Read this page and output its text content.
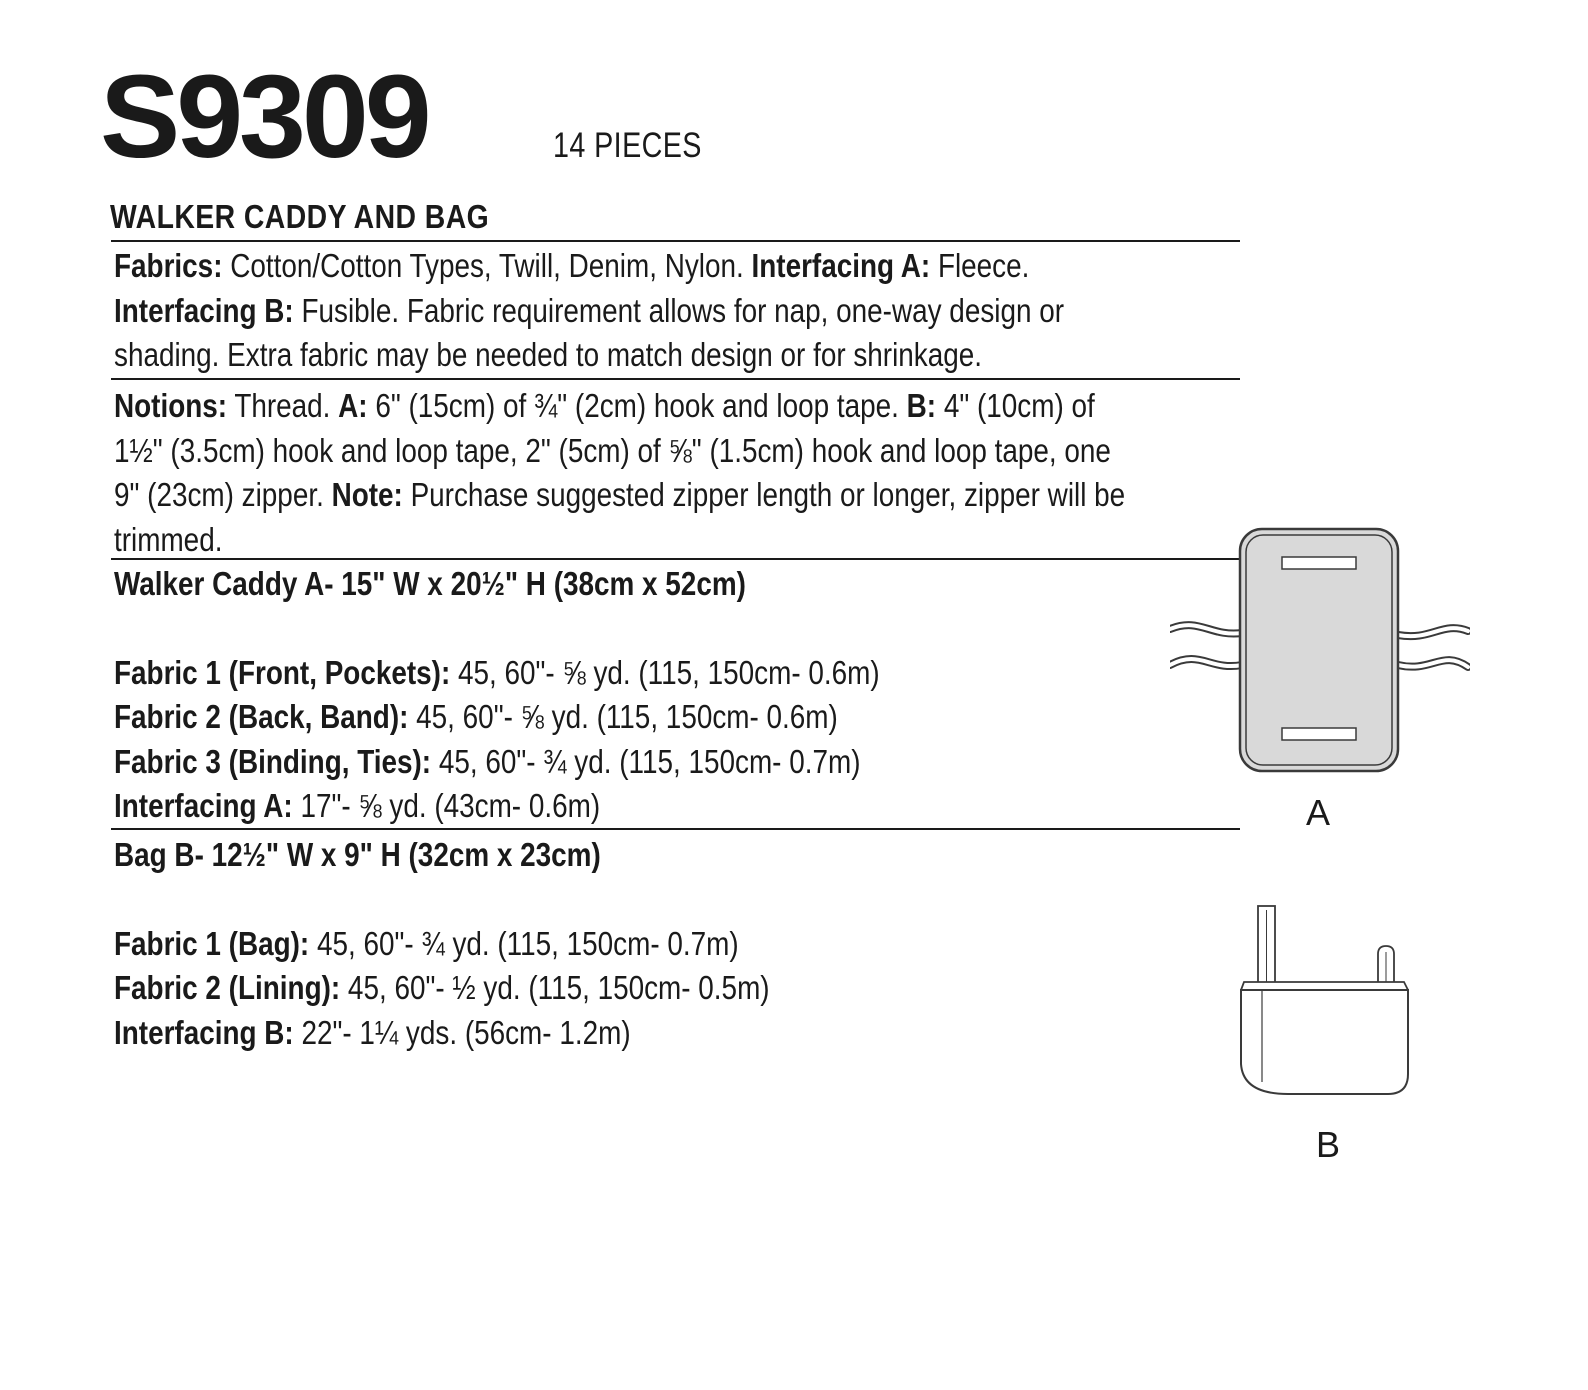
S9309	14 PIECES
WALKER CADDY AND BAG
Fabrics: Cotton/Cotton Types, Twill, Denim, Nylon. Interfacing A: Fleece.
Interfacing B: Fusible. Fabric requirement allows for nap, one-way design or
shading. Extra fabric may be needed to match design or for shrinkage.
Notions: Thread. A: 6" (15cm) of ¾" (2cm) hook and loop tape. B: 4" (10cm) of
1½" (3.5cm) hook and loop tape, 2" (5cm) of ⅝" (1.5cm) hook and loop tape, one
9" (23cm) zipper. Note: Purchase suggested zipper length or longer, zipper will be
trimmed.
Walker Caddy A- 15" W x 20½" H (38cm x 52cm)
Fabric 1 (Front, Pockets): 45, 60"- ⅝ yd. (115, 150cm- 0.6m)
Fabric 2 (Back, Band): 45, 60"- ⅝ yd. (115, 150cm- 0.6m)
Fabric 3 (Binding, Ties): 45, 60"- ¾ yd. (115, 150cm- 0.7m)
Interfacing A: 17"- ⅝ yd. (43cm- 0.6m)
Bag B- 12½" W x 9" H (32cm x 23cm)
Fabric 1 (Bag): 45, 60"- ¾ yd. (115, 150cm- 0.7m)
Fabric 2 (Lining): 45, 60"- ½ yd. (115, 150cm- 0.5m)
Interfacing B: 22"- 1¼ yds. (56cm- 1.2m)
A
B
